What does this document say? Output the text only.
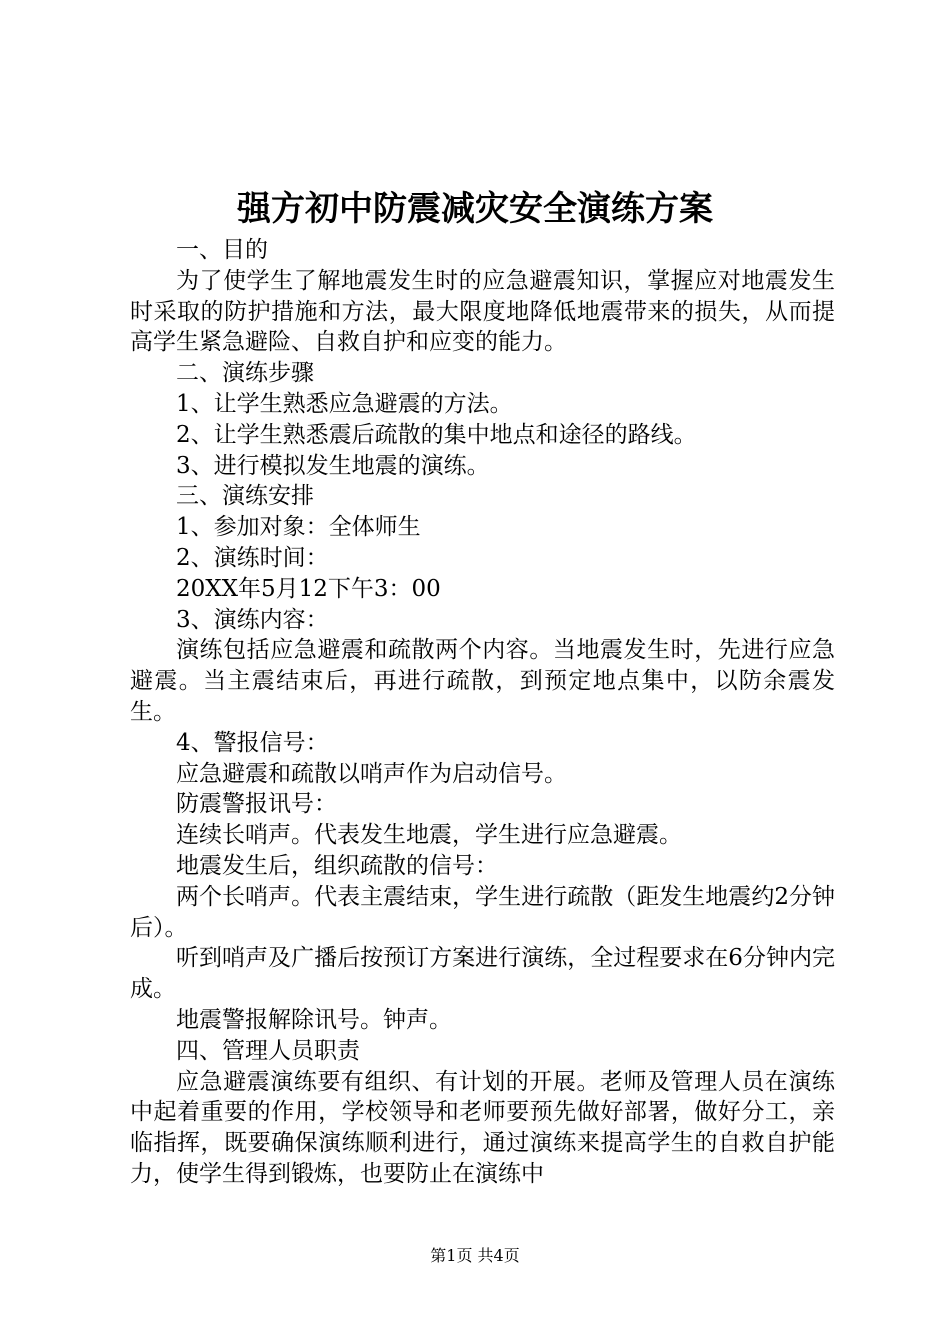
强方初中防震减灾安全演练方案

一、目的

为了使学生了解地震发生时的应急避震知识，掌握应对地震发生时采取的防护措施和方法，最大限度地降低地震带来的损失，从而提高学生紧急避险、自救自护和应变的能力。

二、演练步骤

1、让学生熟悉应急避震的方法。

2、让学生熟悉震后疏散的集中地点和途径的路线。

3、进行模拟发生地震的演练。

三、演练安排

1、参加对象：全体师生

2、演练时间：

20XX年5月12下午3：00

3、演练内容：

演练包括应急避震和疏散两个内容。当地震发生时，先进行应急避震。当主震结束后，再进行疏散，到预定地点集中，以防余震发生。

4、警报信号：

应急避震和疏散以哨声作为启动信号。

防震警报讯号：

连续长哨声。代表发生地震，学生进行应急避震。

地震发生后，组织疏散的信号：

两个长哨声。代表主震结束，学生进行疏散（距发生地震约2分钟后）。

听到哨声及广播后按预订方案进行演练，全过程要求在6分钟内完成。

地震警报解除讯号。钟声。

四、管理人员职责

应急避震演练要有组织、有计划的开展。老师及管理人员在演练中起着重要的作用，学校领导和老师要预先做好部署，做好分工，亲临指挥，既要确保演练顺利进行，通过演练来提高学生的自救自护能力，使学生得到锻炼，也要防止在演练中

第1页 共4页
